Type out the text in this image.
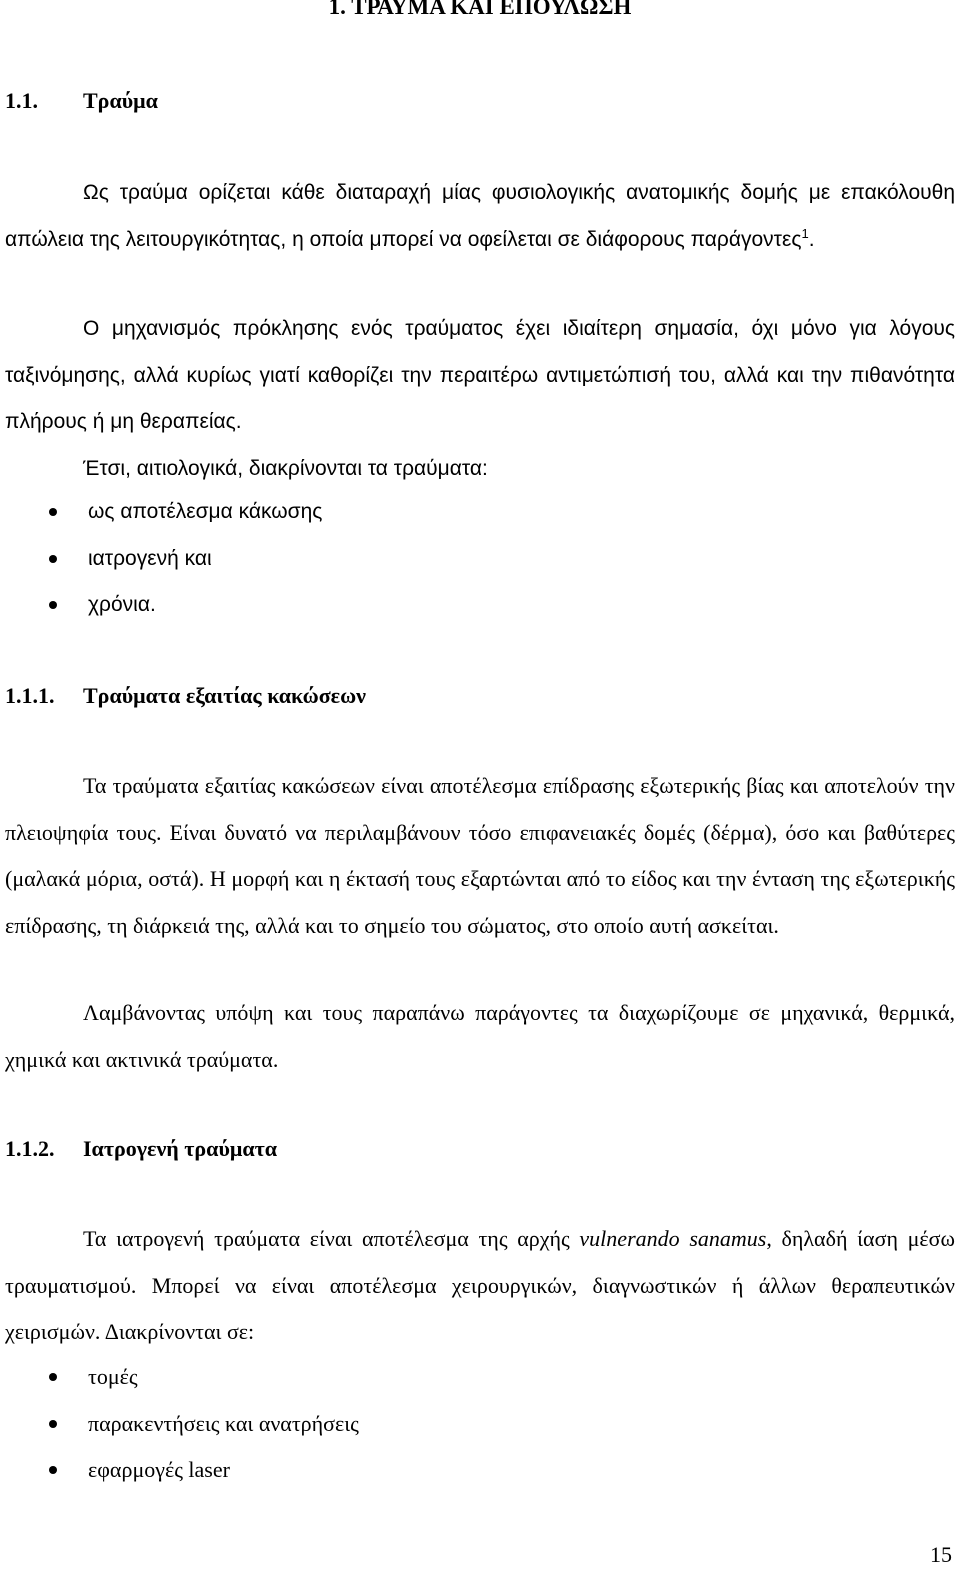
1. ΤΡΑΥΜΑ ΚΑΙ ΕΠΟΥΛΩΣΗ
1.1. Τραύμα

Ως τραύμα ορίζεται κάθε διαταραχή μίας φυσιολογικής ανατομικής δομής με επακόλουθη απώλεια της λειτουργικότητας, η οποία μπορεί να οφείλεται σε διάφορους παράγοντες$^1$.

Ο μηχανισμός πρόκλησης ενός τραύματος έχει ιδιαίτερη σημασία, όχι μόνο για λόγους ταξινόμησης, αλλά κυρίως γιατί καθορίζει την περαιτέρω αντιμετώπισή του, αλλά και την πιθανότητα πλήρους ή μη θεραπείας.

Έτσι, αιτιολογικά, διακρίνονται τα τραύματα:

ως αποτέλεσμα κάκωσης
ιατρογενή και
χρόνια.
1.1.1. Τραύματα εξαιτίας κακώσεων

Τα τραύματα εξαιτίας κακώσεων είναι αποτέλεσμα επίδρασης εξωτερικής βίας και αποτελούν την πλειοψηφία τους. Είναι δυνατό να περιλαμβάνουν τόσο επιφανειακές δομές (δέρμα), όσο και βαθύτερες (μαλακά μόρια, οστά). Η μορφή και η έκτασή τους εξαρτώνται από το είδος και την ένταση της εξωτερικής επίδρασης, τη διάρκειά της, αλλά και το σημείο του σώματος, στο οποίο αυτή ασκείται.

Λαμβάνοντας υπόψη και τους παραπάνω παράγοντες τα διαχωρίζουμε σε μηχανικά, θερμικά, χημικά και ακτινικά τραύματα.

1.1.2. Ιατρογενή τραύματα

Τα ιατρογενή τραύματα είναι αποτέλεσμα της αρχής vulnerando sanamus, δηλαδή ίαση μέσω τραυματισμού. Μπορεί να είναι αποτέλεσμα χειρουργικών, διαγνωστικών ή άλλων θεραπευτικών χειρισμών. Διακρίνονται σε:

τομές
παρακεντήσεις και ανατρήσεις
εφαρμογές laser
15
